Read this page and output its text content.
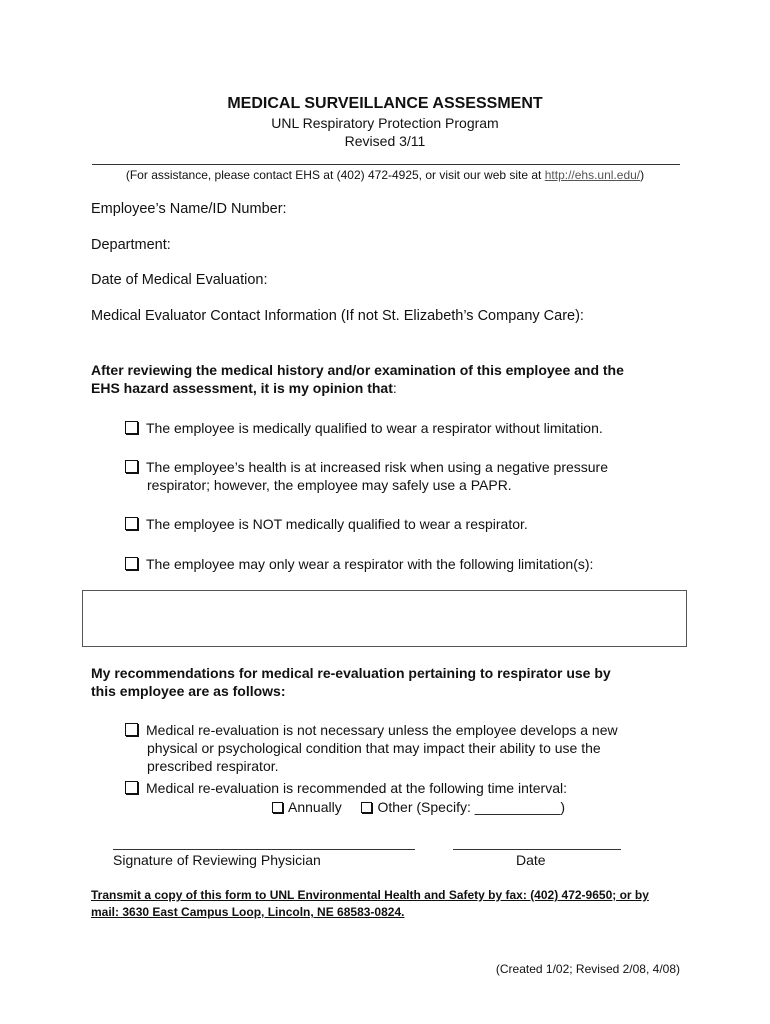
MEDICAL SURVEILLANCE ASSESSMENT
UNL Respiratory Protection Program
Revised 3/11
(For assistance, please contact EHS at (402) 472-4925, or visit our web site at http://ehs.unl.edu/)
Employee’s Name/ID Number:
Department:
Date of Medical Evaluation:
Medical Evaluator Contact Information (If not St. Elizabeth’s Company Care):
After reviewing the medical history and/or examination of this employee and the
EHS hazard assessment, it is my opinion that:
The employee is medically qualified to wear a respirator without limitation.
The employee’s health is at increased risk when using a negative pressure
respirator; however, the employee may safely use a PAPR.
The employee is NOT medically qualified to wear a respirator.
The employee may only wear a respirator with the following limitation(s):
My recommendations for medical re-evaluation pertaining to respirator use by
this employee are as follows:
Medical re-evaluation is not necessary unless the employee develops a new
physical or psychological condition that may impact their ability to use the
prescribed respirator.
Medical re-evaluation is recommended at the following time interval:
Annually	Other (Specify: ___________)
Signature of Reviewing Physician	Date
Transmit a copy of this form to UNL Environmental Health and Safety by fax: (402) 472-9650; or by
mail: 3630 East Campus Loop, Lincoln, NE 68583-0824.
(Created 1/02; Revised 2/08, 4/08)
